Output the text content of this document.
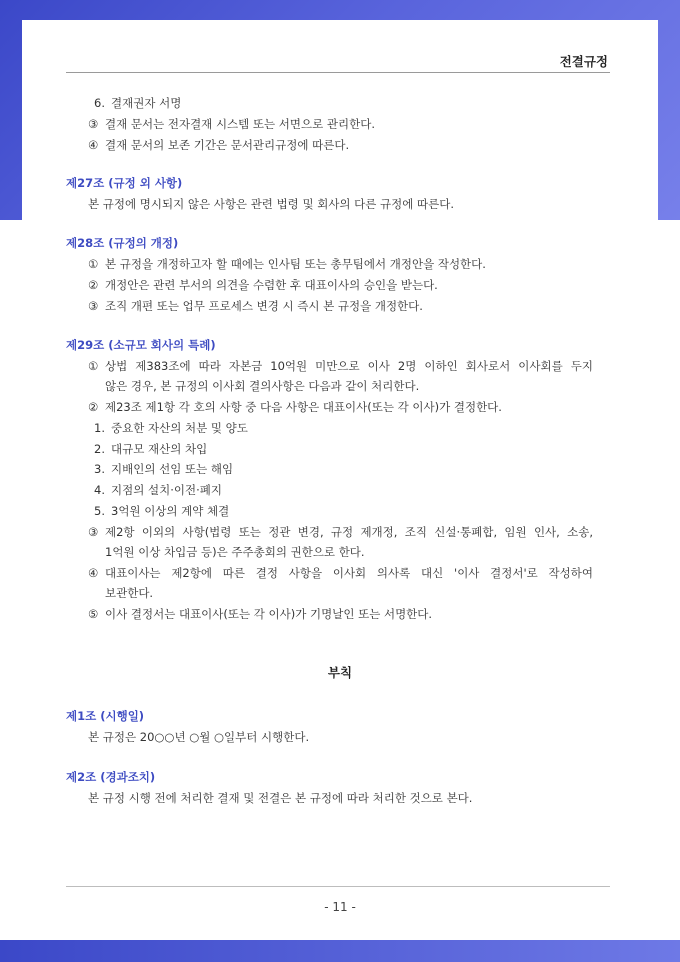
전결규정
6. 결재권자 서명
③ 결재 문서는 전자결재 시스템 또는 서면으로 관리한다.
④ 결재 문서의 보존 기간은 문서관리규정에 따른다.
제27조 (규정 외 사항)
본 규정에 명시되지 않은 사항은 관련 법령 및 회사의 다른 규정에 따른다.
제28조 (규정의 개정)
① 본 규정을 개정하고자 할 때에는 인사팀 또는 총무팀에서 개정안을 작성한다.
② 개정안은 관련 부서의 의견을 수렴한 후 대표이사의 승인을 받는다.
③ 조직 개편 또는 업무 프로세스 변경 시 즉시 본 규정을 개정한다.
제29조 (소규모 회사의 특례)
① 상법 제383조에 따라 자본금 10억원 미만으로 이사 2명 이하인 회사로서 이사회를 두지
않은 경우, 본 규정의 이사회 결의사항은 다음과 같이 처리한다.
② 제23조 제1항 각 호의 사항 중 다음 사항은 대표이사(또는 각 이사)가 결정한다.
1. 중요한 자산의 처분 및 양도
2. 대규모 재산의 차입
3. 지배인의 선임 또는 해임
4. 지점의 설치·이전·폐지
5. 3억원 이상의 계약 체결
③ 제2항 이외의 사항(법령 또는 정관 변경, 규정 제개정, 조직 신설·통폐합, 임원 인사, 소송,
1억원 이상 차입금 등)은 주주총회의 권한으로 한다.
④ 대표이사는 제2항에 따른 결정 사항을 이사회 의사록 대신 '이사 결정서'로 작성하여
보관한다.
⑤ 이사 결정서는 대표이사(또는 각 이사)가 기명날인 또는 서명한다.
부칙
제1조 (시행일)
본 규정은 20○○년 ○월 ○일부터 시행한다.
제2조 (경과조치)
본 규정 시행 전에 처리한 결재 및 전결은 본 규정에 따라 처리한 것으로 본다.
- 11 -
